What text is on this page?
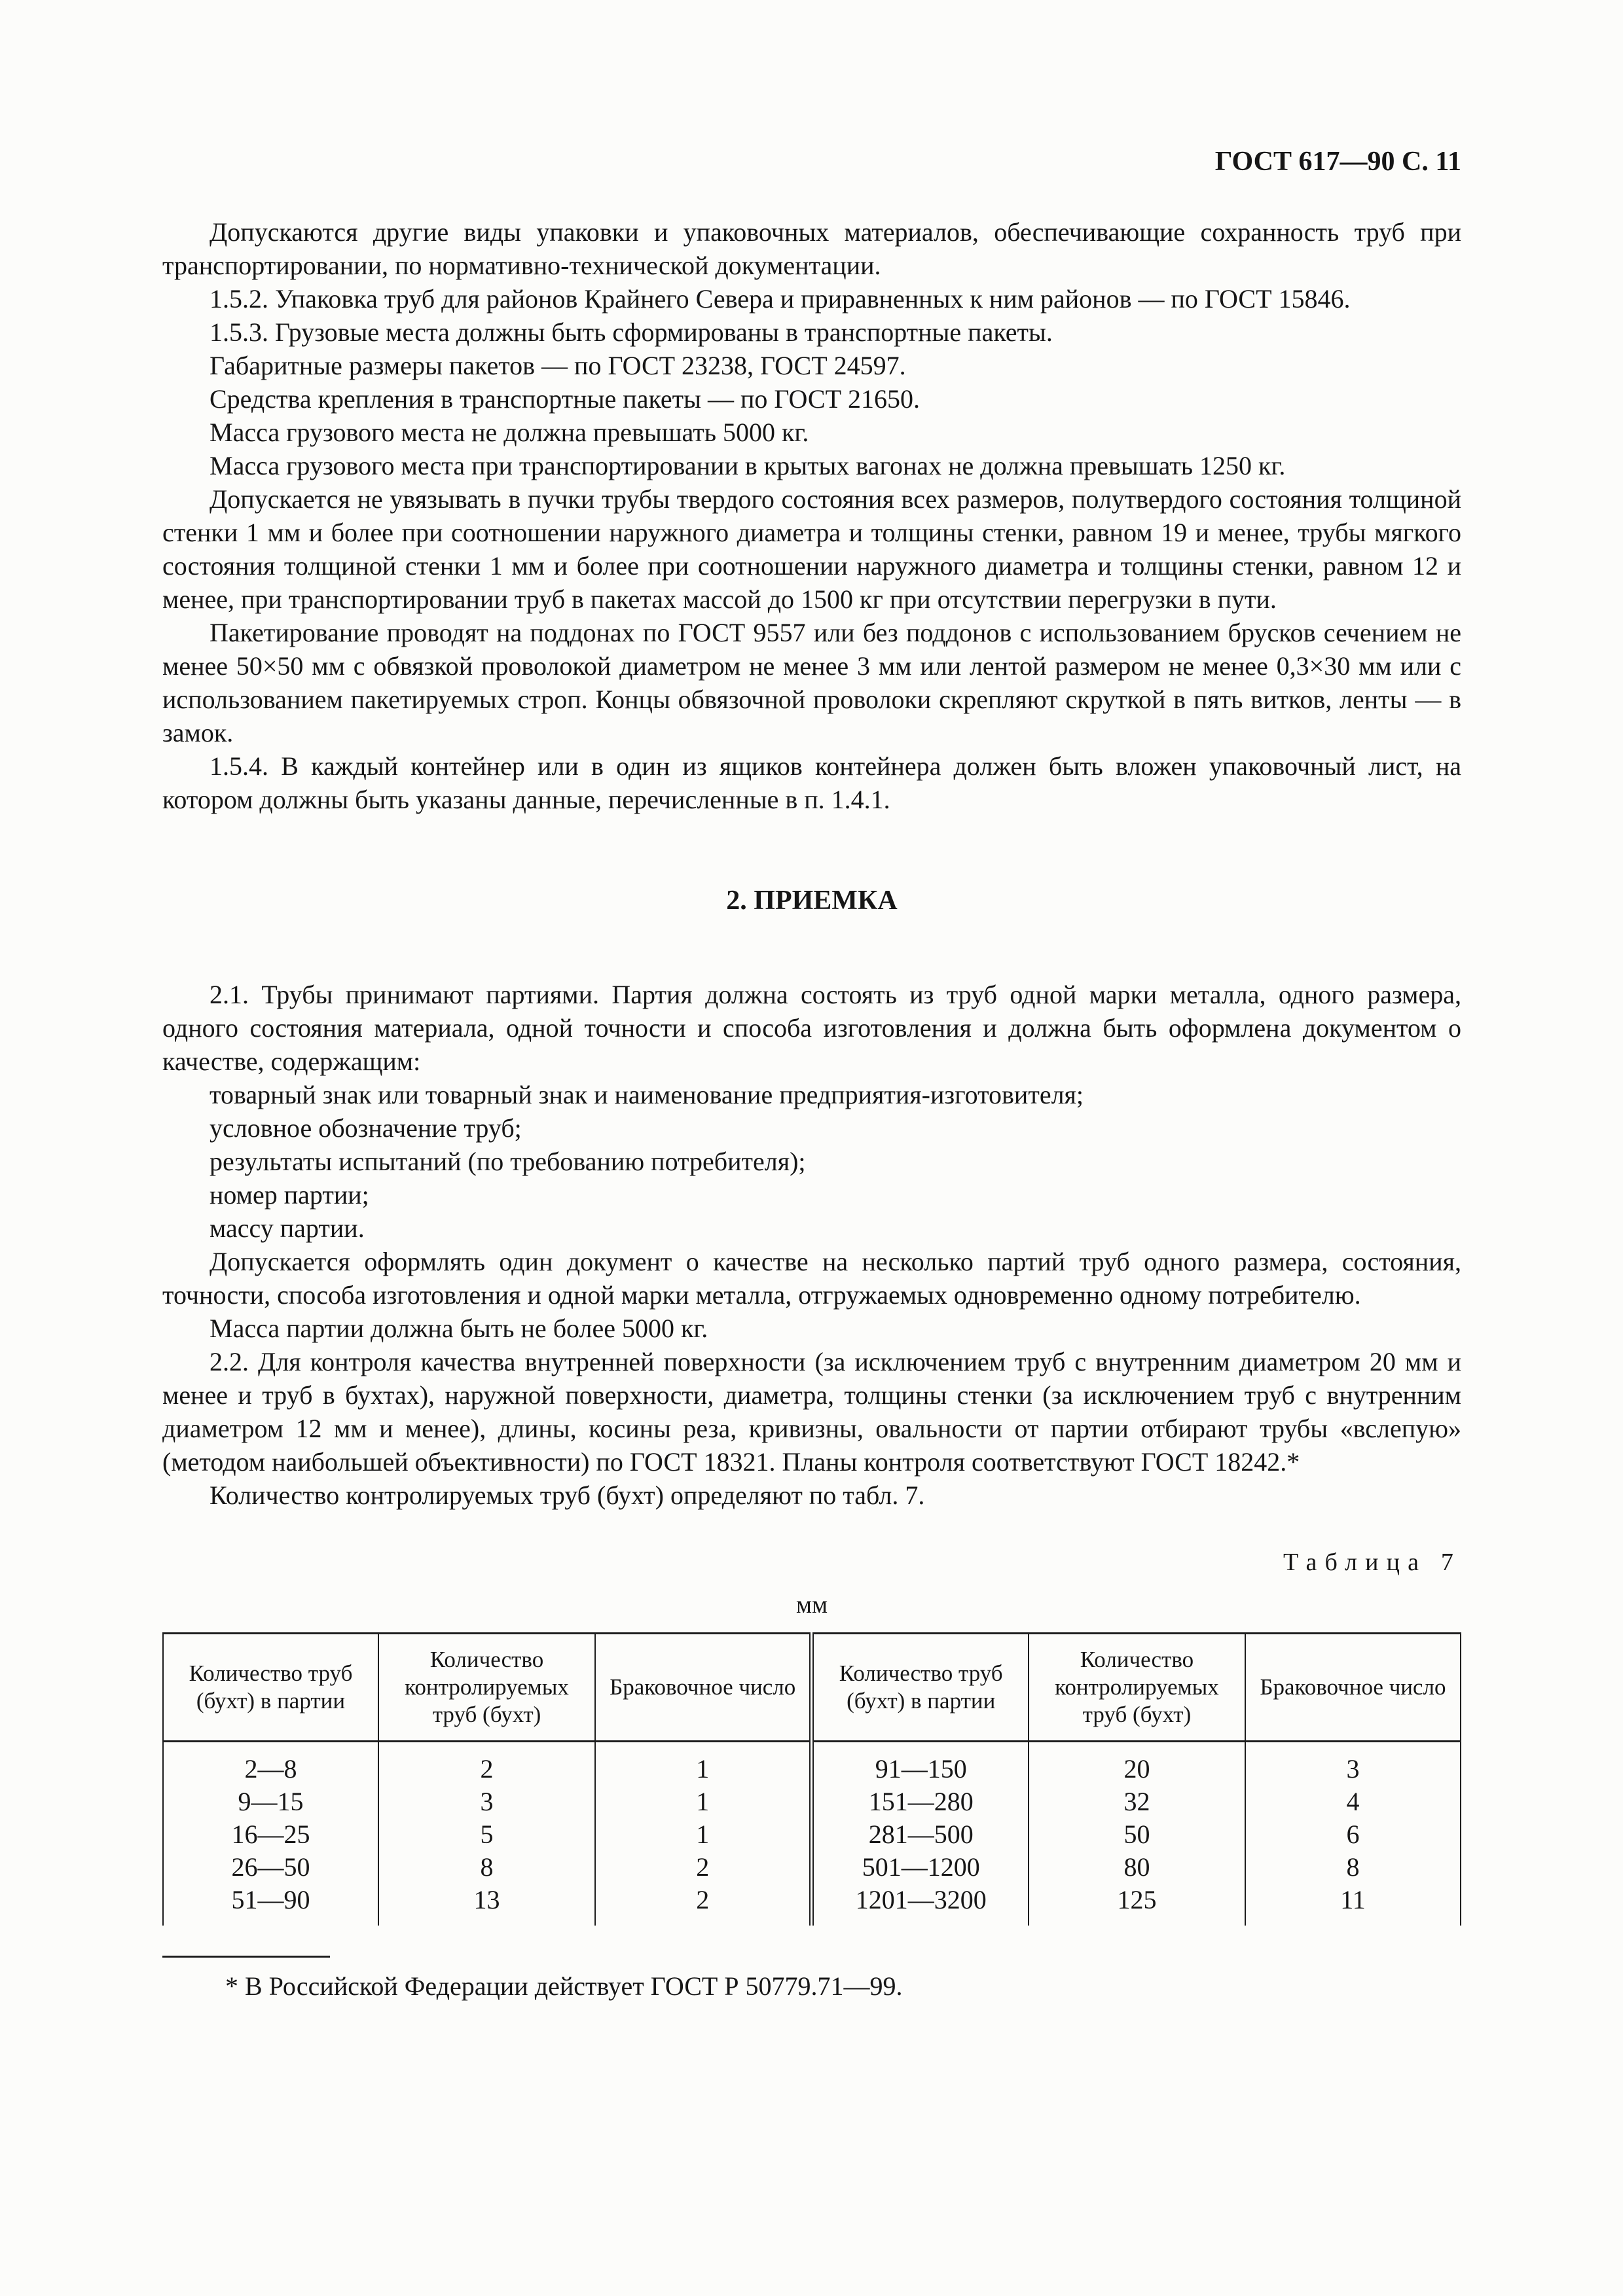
ГОСТ 617—90 С. 11

Допускаются другие виды упаковки и упаковочных материалов, обеспечивающие сохранность труб при транспортировании, по нормативно-технической документации.

1.5.2. Упаковка труб для районов Крайнего Севера и приравненных к ним районов — по ГОСТ 15846.

1.5.3. Грузовые места должны быть сформированы в транспортные пакеты.

Габаритные размеры пакетов — по ГОСТ 23238, ГОСТ 24597.

Средства крепления в транспортные пакеты — по ГОСТ 21650.

Масса грузового места не должна превышать 5000 кг.

Масса грузового места при транспортировании в крытых вагонах не должна превышать 1250 кг.

Допускается не увязывать в пучки трубы твердого состояния всех размеров, полутвердого состояния толщиной стенки 1 мм и более при соотношении наружного диаметра и толщины стенки, равном 19 и менее, трубы мягкого состояния толщиной стенки 1 мм и более при соотношении наружного диаметра и толщины стенки, равном 12 и менее, при транспортировании труб в пакетах массой до 1500 кг при отсутствии перегрузки в пути.

Пакетирование проводят на поддонах по ГОСТ 9557 или без поддонов с использованием брусков сечением не менее 50×50 мм с обвязкой проволокой диаметром не менее 3 мм или лентой размером не менее 0,3×30 мм или с использованием пакетируемых строп. Концы обвязочной проволоки скрепляют скруткой в пять витков, ленты — в замок.

1.5.4. В каждый контейнер или в один из ящиков контейнера должен быть вложен упаковочный лист, на котором должны быть указаны данные, перечисленные в п. 1.4.1.

2. ПРИЕМКА

2.1. Трубы принимают партиями. Партия должна состоять из труб одной марки металла, одного размера, одного состояния материала, одной точности и способа изготовления и должна быть оформлена документом о качестве, содержащим:

товарный знак или товарный знак и наименование предприятия-изготовителя;

условное обозначение труб;

результаты испытаний (по требованию потребителя);

номер партии;

массу партии.

Допускается оформлять один документ о качестве на несколько партий труб одного размера, состояния, точности, способа изготовления и одной марки металла, отгружаемых одновременно одному потребителю.

Масса партии должна быть не более 5000 кг.

2.2. Для контроля качества внутренней поверхности (за исключением труб с внутренним диаметром 20 мм и менее и труб в бухтах), наружной поверхности, диаметра, толщины стенки (за исключением труб с внутренним диаметром 12 мм и менее), длины, косины реза, кривизны, овальности от партии отбирают трубы «вслепую» (методом наибольшей объективности) по ГОСТ 18321. Планы контроля соответствуют ГОСТ 18242.*

Количество контролируемых труб (бухт) определяют по табл. 7.

Таблица 7
мм
Количество труб (бухт) в партии	Количество контролируемых труб (бухт)	Браковочное число	Количество труб (бухт) в партии	Количество контролируемых труб (бухт)	Браковочное число
2—8	2	1	91—150	20	3
9—15	3	1	151—280	32	4
16—25	5	1	281—500	50	6
26—50	8	2	501—1200	80	8
51—90	13	2	1201—3200	125	11

* В Российской Федерации действует ГОСТ Р 50779.71—99.
